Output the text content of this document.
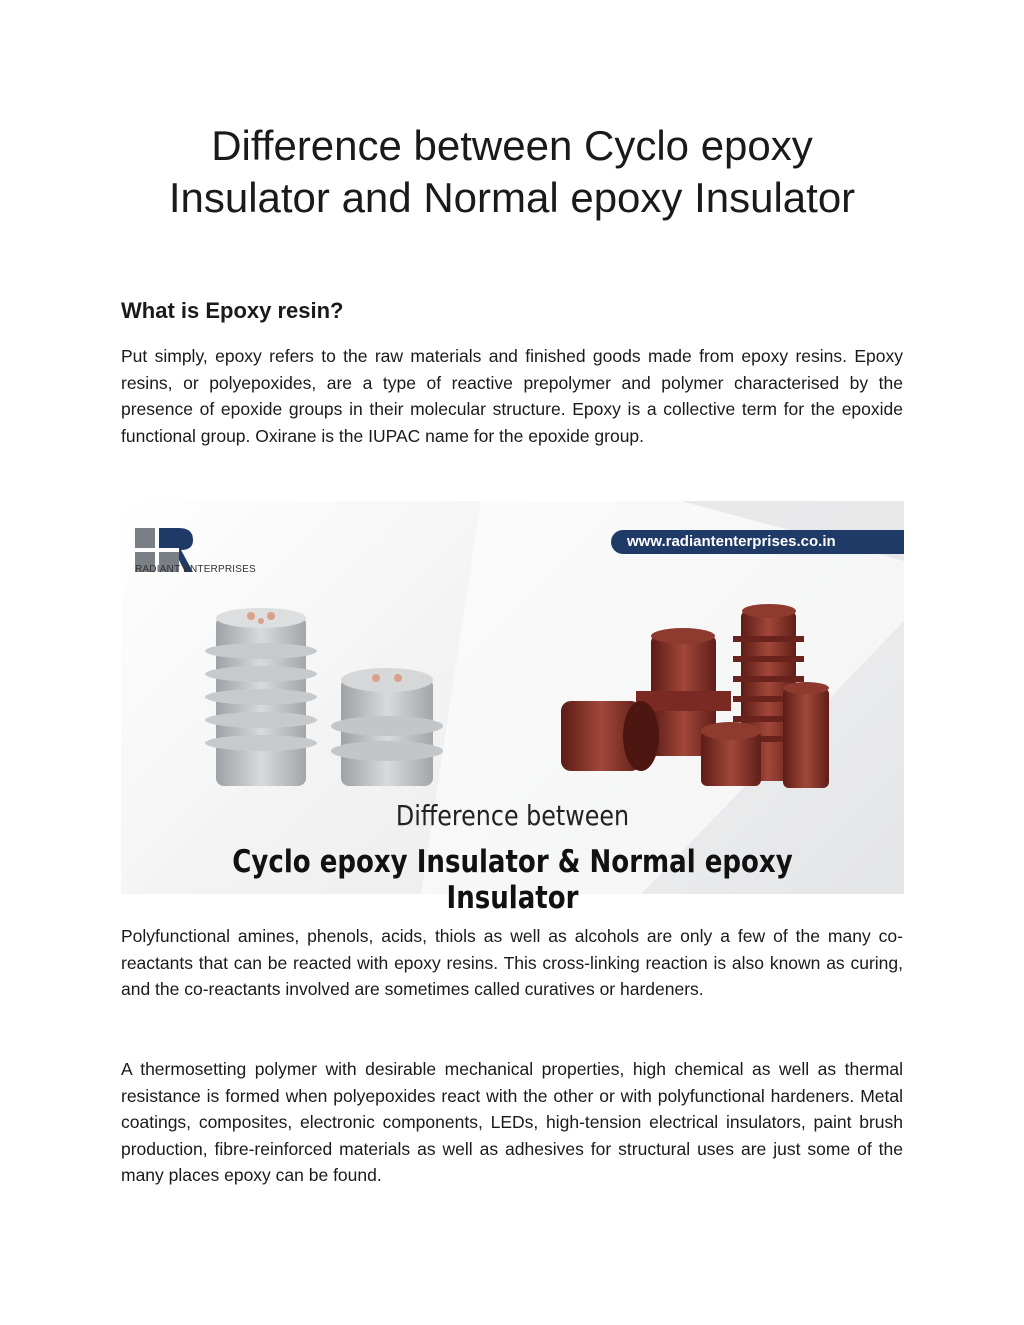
Difference between Cyclo epoxy
Insulator and Normal epoxy Insulator
What is Epoxy resin?

Put simply, epoxy refers to the raw materials and finished goods made from epoxy resins. Epoxy resins, or polyepoxides, are a type of reactive prepolymer and polymer characterised by the presence of epoxide groups in their molecular structure. Epoxy is a collective term for the epoxide functional group. Oxirane is the IUPAC name for the epoxide group.

RADIANT ENTERPRISES
www.radiantenterprises.co.in
Difference between
Cyclo epoxy Insulator & Normal epoxy Insulator

Polyfunctional amines, phenols, acids, thiols as well as alcohols are only a few of the many co-reactants that can be reacted with epoxy resins. This cross-linking reaction is also known as curing, and the co-reactants involved are sometimes called curatives or hardeners.

A thermosetting polymer with desirable mechanical properties, high chemical as well as thermal resistance is formed when polyepoxides react with the other or with polyfunctional hardeners. Metal coatings, composites, electronic components, LEDs, high-tension electrical insulators, paint brush production, fibre-reinforced materials as well as adhesives for structural uses are just some of the many places epoxy can be found.
